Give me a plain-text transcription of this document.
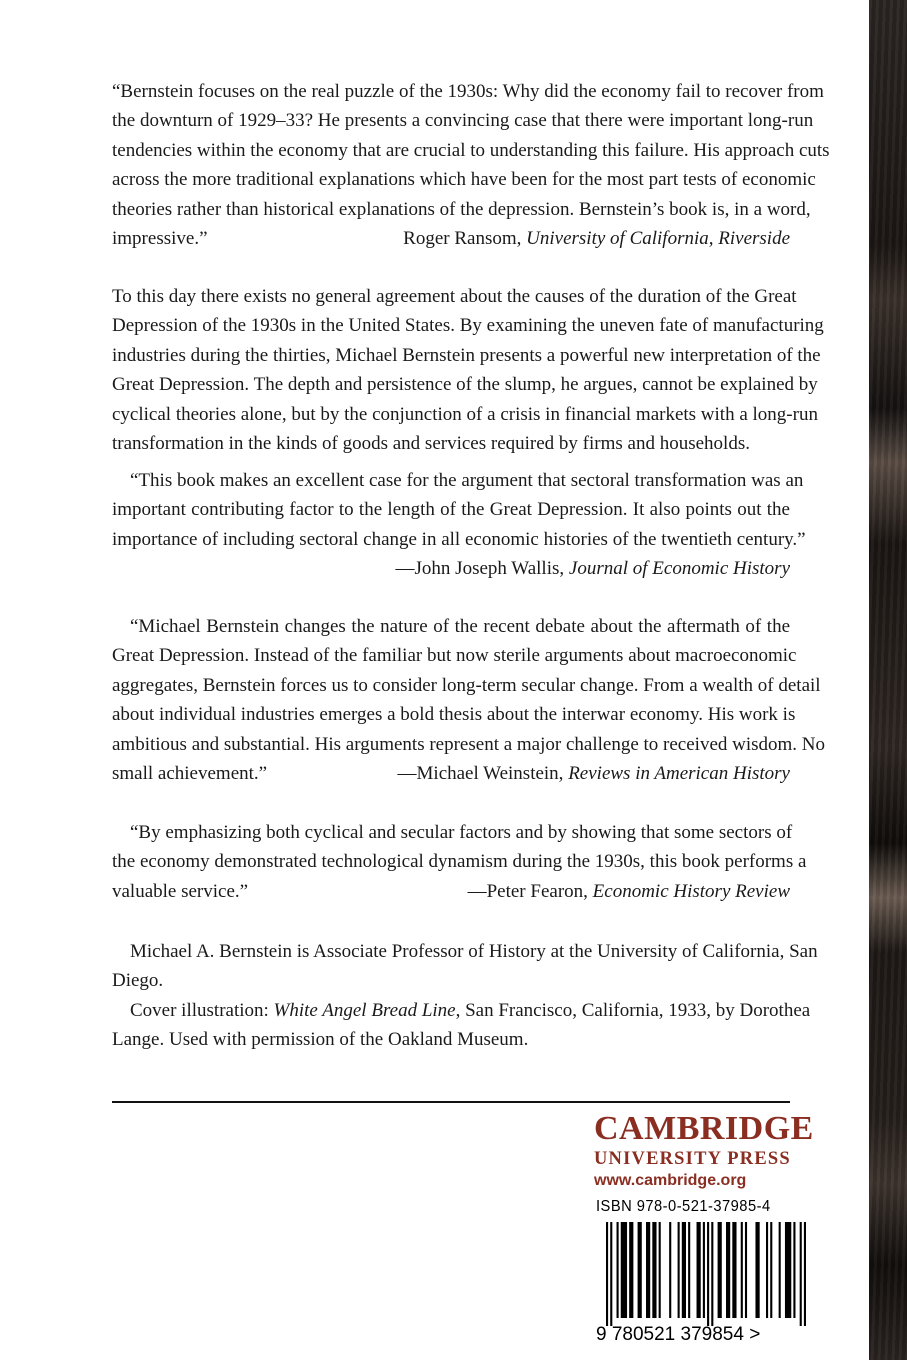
“Bernstein focuses on the real puzzle of the 1930s: Why did the economy fail to recover from
the downturn of 1929–33? He presents a convincing case that there were important long-run
tendencies within the economy that are crucial to understanding this failure. His approach cuts
across the more traditional explanations which have been for the most part tests of economic
theories rather than historical explanations of the depression. Bernstein’s book is, in a word,
impressive.”	Roger Ransom, University of California, Riverside
To this day there exists no general agreement about the causes of the duration of the Great
Depression of the 1930s in the United States. By examining the uneven fate of manufacturing
industries during the thirties, Michael Bernstein presents a powerful new interpretation of the
Great Depression. The depth and persistence of the slump, he argues, cannot be explained by
cyclical theories alone, but by the conjunction of a crisis in financial markets with a long-run
transformation in the kinds of goods and services required by firms and households.
“This book makes an excellent case for the argument that sectoral transformation was an
important contributing factor to the length of the Great Depression. It also points out the
importance of including sectoral change in all economic histories of the twentieth century.”
—John Joseph Wallis, Journal of Economic History
“Michael Bernstein changes the nature of the recent debate about the aftermath of the
Great Depression. Instead of the familiar but now sterile arguments about macroeconomic
aggregates, Bernstein forces us to consider long-term secular change. From a wealth of detail
about individual industries emerges a bold thesis about the interwar economy. His work is
ambitious and substantial. His arguments represent a major challenge to received wisdom. No
small achievement.”	—Michael Weinstein, Reviews in American History
“By emphasizing both cyclical and secular factors and by showing that some sectors of
the economy demonstrated technological dynamism during the 1930s, this book performs a
valuable service.”	—Peter Fearon, Economic History Review
Michael A. Bernstein is Associate Professor of History at the University of California, San
Diego.
Cover illustration: White Angel Bread Line, San Francisco, California, 1933, by Dorothea
Lange. Used with permission of the Oakland Museum.
CAMBRIDGE
UNIVERSITY PRESS
www.cambridge.org
ISBN 978-0-521-37985-4
9 780521 379854 >
